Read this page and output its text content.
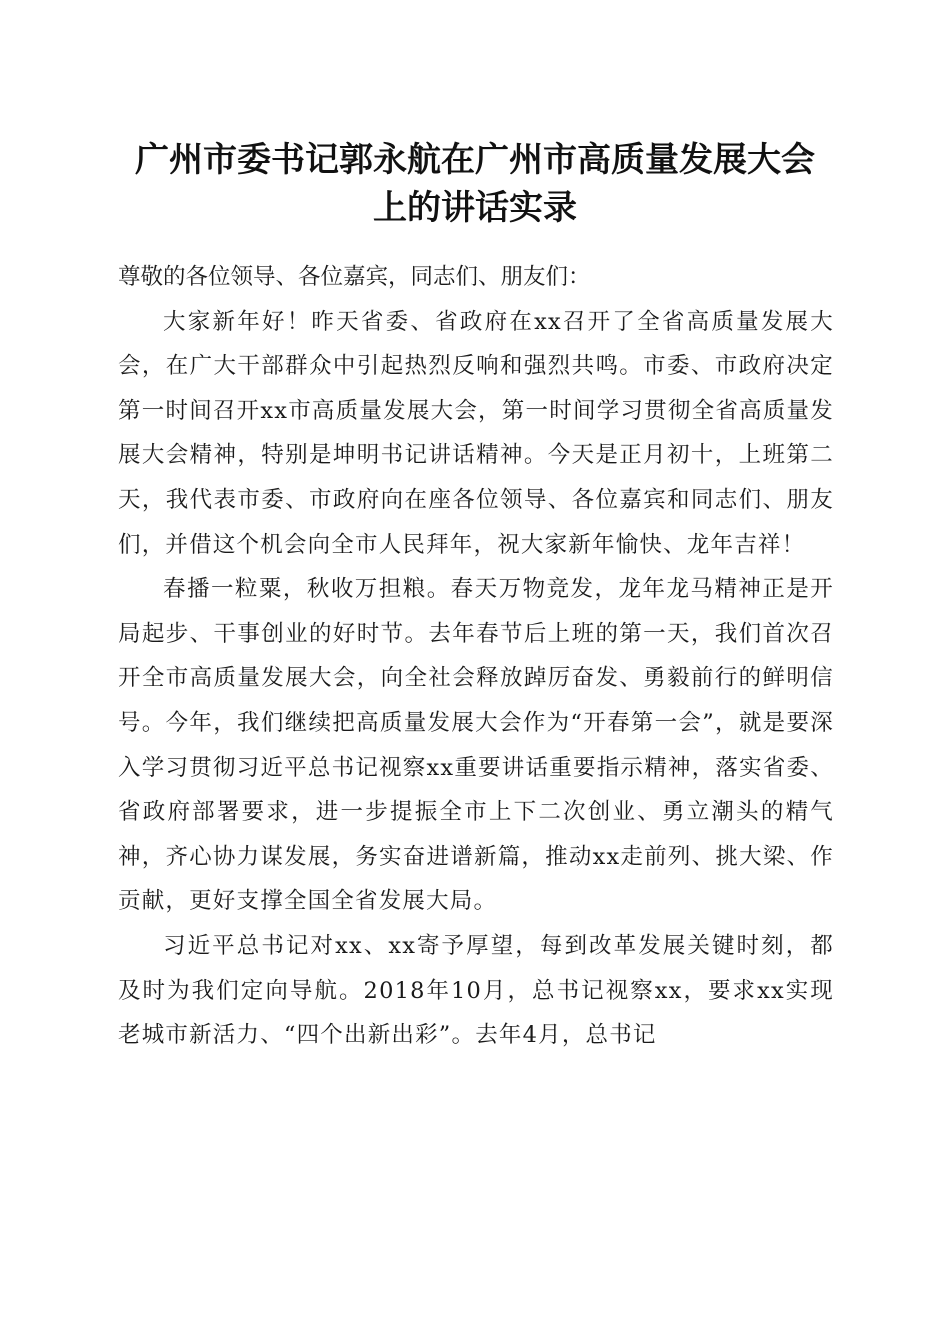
广州市委书记郭永航在广州市高质量发展大会
上的讲话实录

尊敬的各位领导、各位嘉宾，同志们、朋友们：

大家新年好！昨天省委、省政府在xx召开了全省高质量发展大会，在广大干部群众中引起热烈反响和强烈共鸣。市委、市政府决定第一时间召开xx市高质量发展大会，第一时间学习贯彻全省高质量发展大会精神，特别是坤明书记讲话精神。今天是正月初十，上班第二天，我代表市委、市政府向在座各位领导、各位嘉宾和同志们、朋友们，并借这个机会向全市人民拜年，祝大家新年愉快、龙年吉祥！

春播一粒粟，秋收万担粮。春天万物竞发，龙年龙马精神正是开局起步、干事创业的好时节。去年春节后上班的第一天，我们首次召开全市高质量发展大会，向全社会释放踔厉奋发、勇毅前行的鲜明信号。今年，我们继续把高质量发展大会作为“开春第一会”，就是要深入学习贯彻习近平总书记视察xx重要讲话重要指示精神，落实省委、省政府部署要求，进一步提振全市上下二次创业、勇立潮头的精气神，齐心协力谋发展，务实奋进谱新篇，推动xx走前列、挑大梁、作贡献，更好支撑全国全省发展大局。

习近平总书记对xx、xx寄予厚望，每到改革发展关键时刻，都及时为我们定向导航。2018年10月，总书记视察xx，要求xx实现老城市新活力、“四个出新出彩”。去年4月，总书记
